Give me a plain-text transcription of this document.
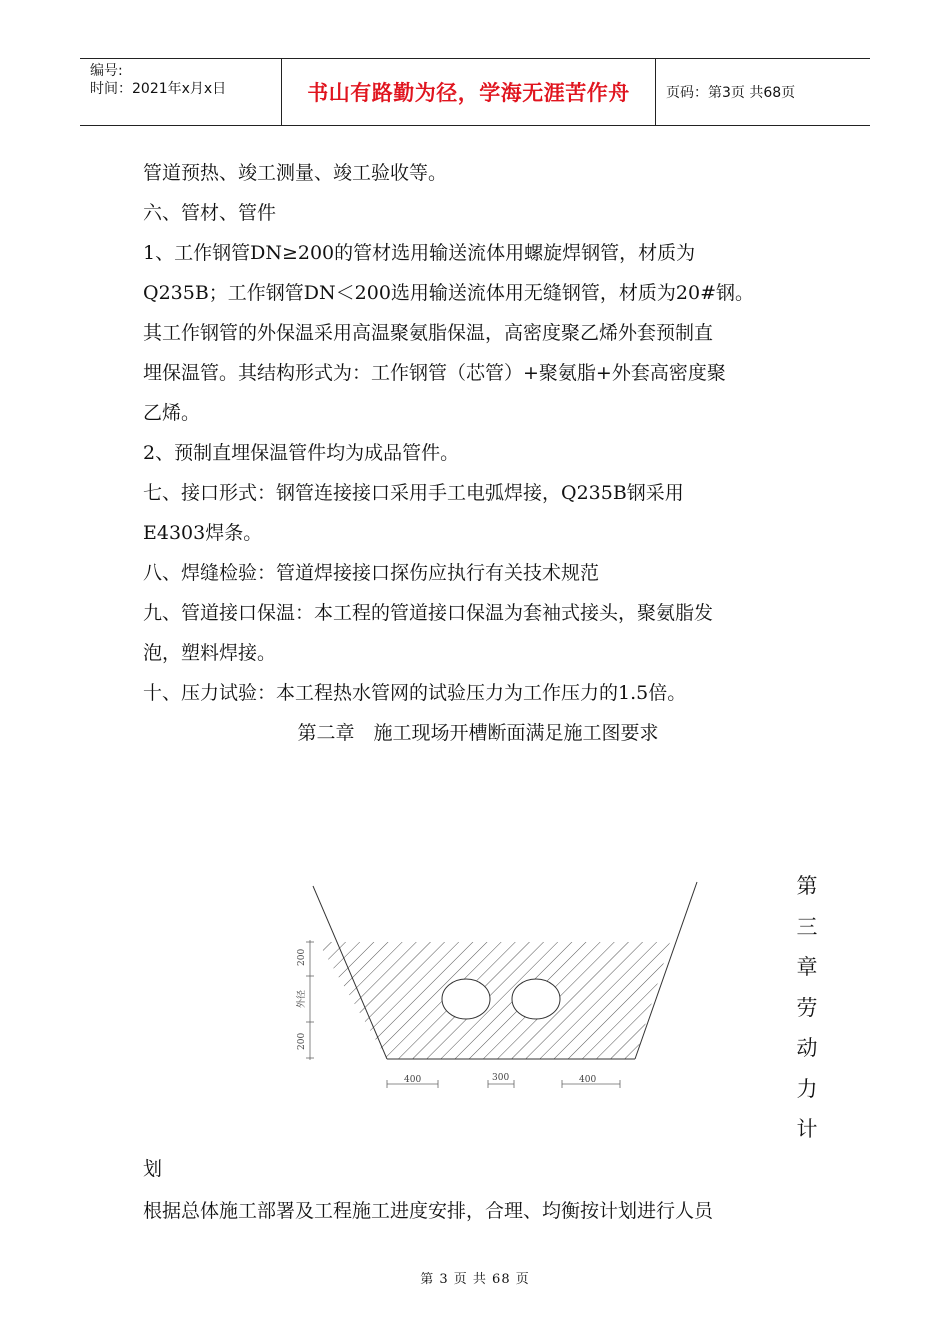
编号:
时间：2021年x月x日	书山有路勤为径，学海无涯苦作舟	页码：第3页 共68页
管道预热、竣工测量、竣工验收等。
六、管材、管件
1、工作钢管DN≥200的管材选用输送流体用螺旋焊钢管，材质为
Q235B；工作钢管DN＜200选用输送流体用无缝钢管，材质为20#钢。
其工作钢管的外保温采用高温聚氨脂保温，高密度聚乙烯外套预制直
埋保温管。其结构形式为：工作钢管（芯管）+聚氨脂+外套高密度聚
乙烯。
2、预制直埋保温管件均为成品管件。
七、接口形式：钢管连接接口采用手工电弧焊接，Q235B钢采用
E4303焊条。
八、焊缝检验：管道焊接接口探伤应执行有关技术规范
九、管道接口保温：本工程的管道接口保温为套袖式接头，聚氨脂发
泡，塑料焊接。
十、压力试验：本工程热水管网的试验压力为工作压力的1.5倍。
第二章　施工现场开槽断面满足施工图要求
200
外径
200
400	300	400
第
三
章
劳
动
力
计
划
根据总体施工部署及工程施工进度安排，合理、均衡按计划进行人员
第 3 页 共 68 页
